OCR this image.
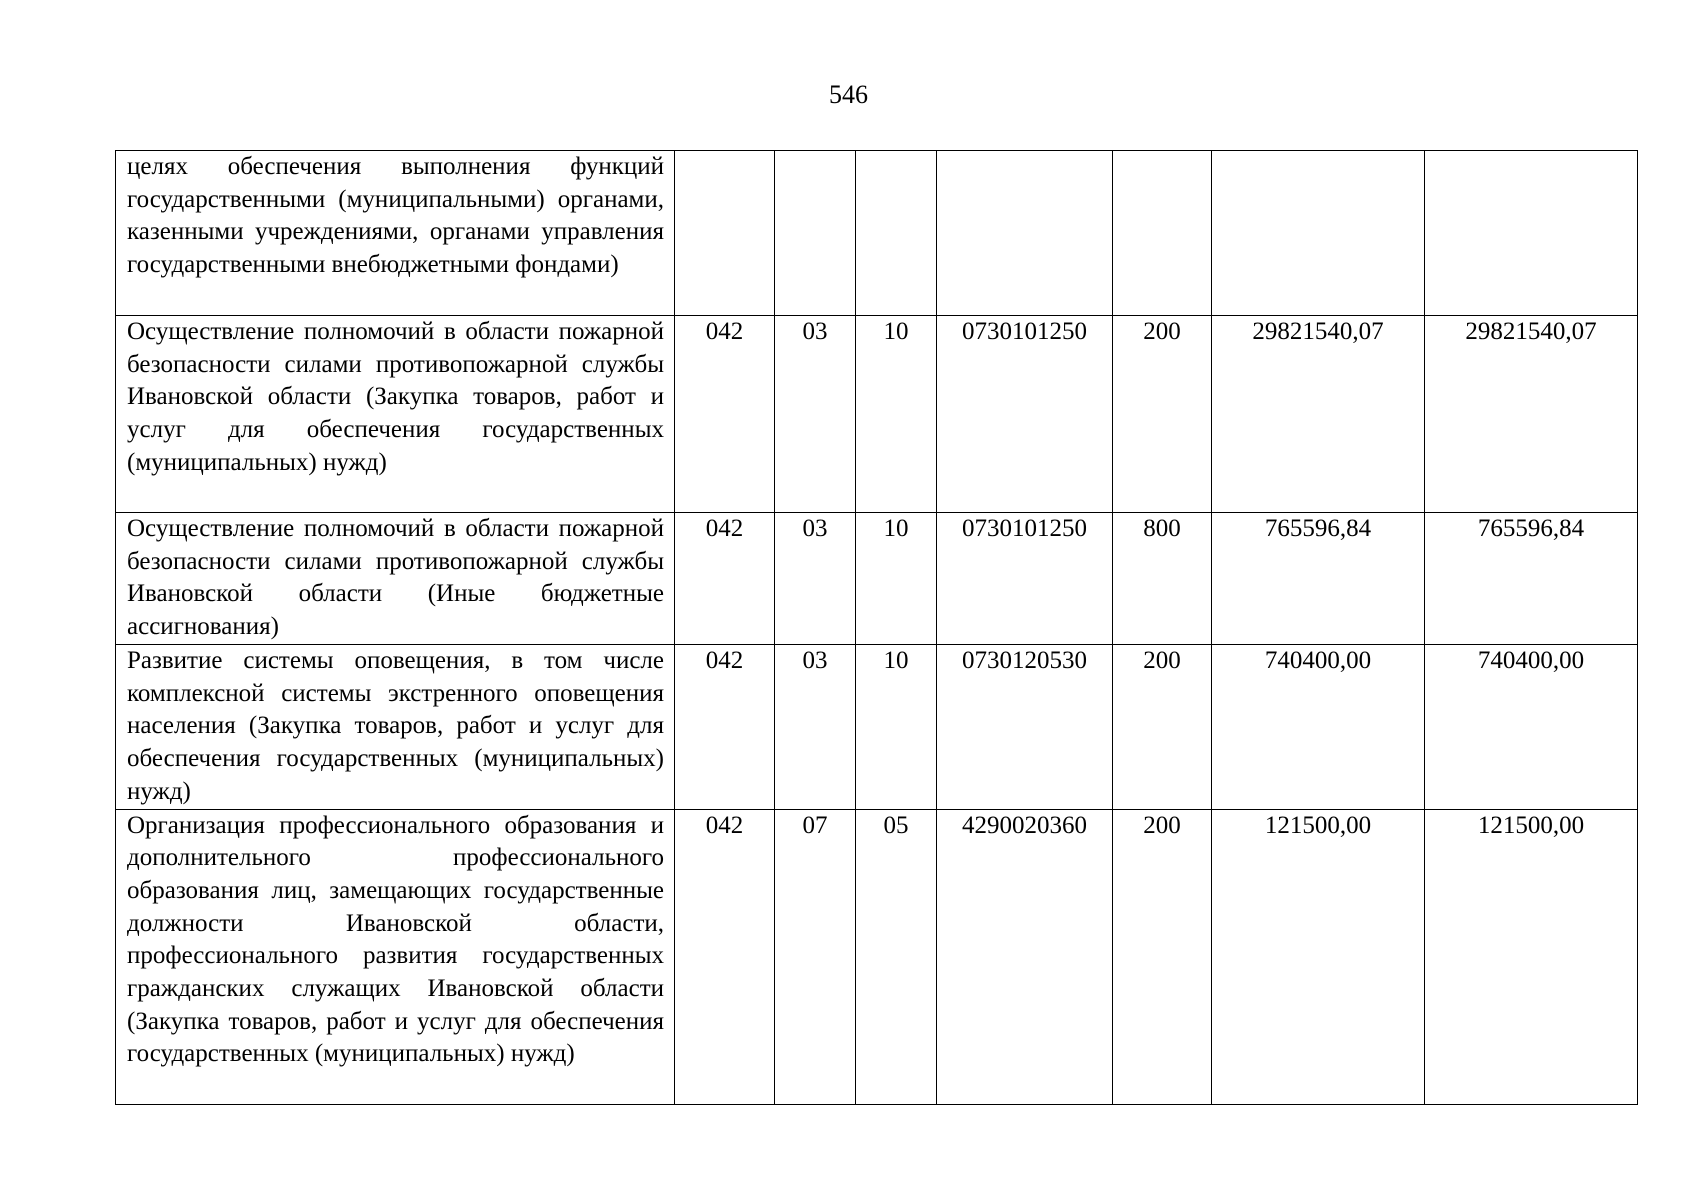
546
целях обеспечения выполнения функций государственными (муниципальными) органами, казенными учреждениями, органами управления государственными внебюджетными фондами)							
Осуществление полномочий в области пожарной безопасности силами противопожарной службы Ивановской области (Закупка товаров, работ и услуг для обеспечения государственных (муниципальных) нужд)	042	03	10	0730101250	200	29821540,07	29821540,07
Осуществление полномочий в области пожарной безопасности силами противопожарной службы Ивановской области (Иные бюджетные ассигнования)	042	03	10	0730101250	800	765596,84	765596,84
Развитие системы оповещения, в том числе комплексной системы экстренного оповещения населения (Закупка товаров, работ и услуг для обеспечения государственных (муниципальных) нужд)	042	03	10	0730120530	200	740400,00	740400,00
Организация профессионального образования и дополнительного профессионального образования лиц, замещающих государственные должности Ивановской области, профессионального развития государственных гражданских служащих Ивановской области (Закупка товаров, работ и услуг для обеспечения государственных (муниципальных) нужд)	042	07	05	4290020360	200	121500,00	121500,00
